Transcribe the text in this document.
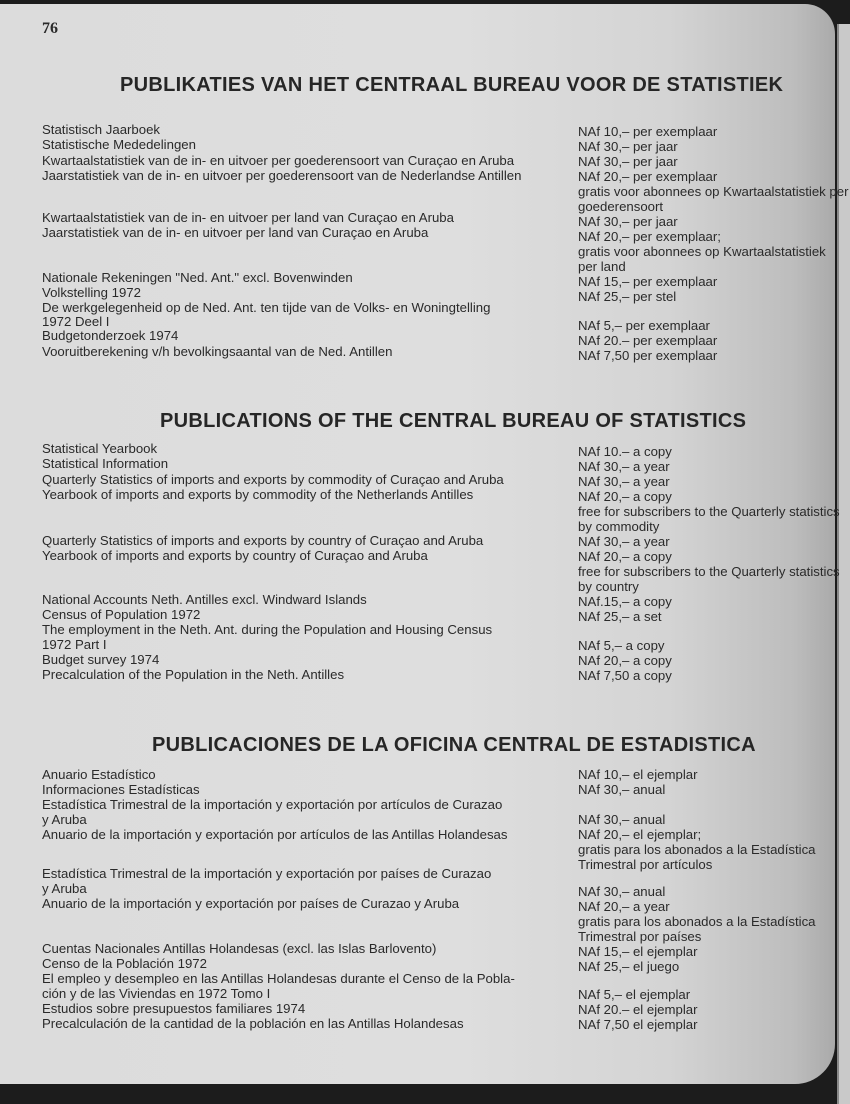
76
PUBLIKATIES VAN HET CENTRAAL BUREAU VOOR DE STATISTIEK
Statistisch Jaarboek
Statistische Mededelingen
Kwartaalstatistiek van de in- en uitvoer per goederensoort van Curaçao en Aruba
Jaarstatistiek van de in- en uitvoer per goederensoort van de Nederlandse Antillen
Kwartaalstatistiek van de in- en uitvoer per land van Curaçao en Aruba
Jaarstatistiek van de in- en uitvoer per land van Curaçao en Aruba
Nationale Rekeningen "Ned. Ant." excl. Bovenwinden
Volkstelling 1972
De werkgelegenheid op de Ned. Ant. ten tijde van de Volks- en Woningtelling
1972 Deel I
Budgetonderzoek 1974
Vooruitberekening v/h bevolkingsaantal van de Ned. Antillen
NAf 10,– per exemplaar
NAf 30,– per jaar
NAf 30,– per jaar
NAf 20,– per exemplaar
gratis voor abonnees op Kwartaalstatistiek per
goederensoort
NAf 30,– per jaar
NAf 20,– per exemplaar;
gratis voor abonnees op Kwartaalstatistiek
per land
NAf 15,– per exemplaar
NAf 25,– per stel
NAf 5,– per exemplaar
NAf 20.– per exemplaar
NAf 7,50 per exemplaar
PUBLICATIONS OF THE CENTRAL BUREAU OF STATISTICS
Statistical Yearbook
Statistical Information
Quarterly Statistics of imports and exports by commodity of Curaçao and Aruba
Yearbook of imports and exports by commodity of the Netherlands Antilles
Quarterly Statistics of imports and exports by country of Curaçao and Aruba
Yearbook of imports and exports by country of Curaçao and Aruba
National Accounts Neth. Antilles excl. Windward Islands
Census of Population 1972
The employment in the Neth. Ant. during the Population and Housing Census
1972 Part I
Budget survey 1974
Precalculation of the Population in the Neth. Antilles
NAf 10.– a copy
NAf 30,– a year
NAf 30,– a year
NAf 20,– a copy
free for subscribers to the Quarterly statistics
by commodity
NAf 30,– a year
NAf 20,– a copy
free for subscribers to the Quarterly statistics
by country
NAf.15,– a copy
NAf 25,– a set
NAf 5,– a copy
NAf 20,– a copy
NAf 7,50 a copy
PUBLICACIONES DE LA OFICINA CENTRAL DE ESTADISTICA
Anuario Estadístico
Informaciones Estadísticas
Estadística Trimestral de la importación y exportación por artículos de Curazao
y Aruba
Anuario de la importación y exportación por artículos de las Antillas Holandesas
Estadística Trimestral de la importación y exportación por países de Curazao
y Aruba
Anuario de la importación y exportación por países de Curazao y Aruba
Cuentas Nacionales Antillas Holandesas (excl. las Islas Barlovento)
Censo de la Población 1972
El empleo y desempleo en las Antillas Holandesas durante el Censo de la Pobla-
ción y de las Viviendas en 1972 Tomo I
Estudios sobre presupuestos familiares 1974
Precalculación de la cantidad de la población en las Antillas Holandesas
NAf 10,– el ejemplar
NAf 30,– anual
NAf 30,– anual
NAf 20,– el ejemplar;
gratis para los abonados a la Estadística
Trimestral por artículos
NAf 30,– anual
NAf 20,– a year
gratis para los abonados a la Estadística
Trimestral por países
NAf 15,– el ejemplar
NAf 25,– el juego
NAf 5,– el ejemplar
NAf 20.– el ejemplar
NAf 7,50 el ejemplar
